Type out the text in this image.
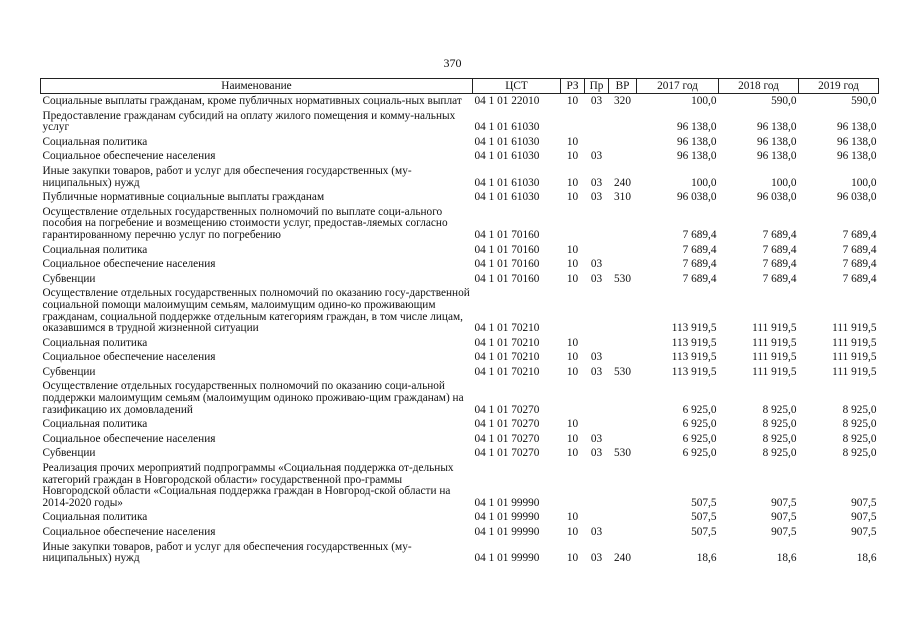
370
Наименование	ЦСТ	РЗ	Пр	ВР	2017 год	2018 год	2019 год
Социальные выплаты гражданам, кроме публичных нормативных социаль-ных выплат	04 1 01 22010	10	03	320	100,0	590,0	590,0
Предоставление гражданам субсидий на оплату жилого помещения и комму-нальных услуг	04 1 01 61030				96 138,0	96 138,0	96 138,0
Социальная политика	04 1 01 61030	10			96 138,0	96 138,0	96 138,0
Социальное обеспечение населения	04 1 01 61030	10	03		96 138,0	96 138,0	96 138,0
Иные закупки товаров, работ и услуг для обеспечения государственных (му-ниципальных) нужд	04 1 01 61030	10	03	240	100,0	100,0	100,0
Публичные нормативные социальные выплаты гражданам	04 1 01 61030	10	03	310	96 038,0	96 038,0	96 038,0
Осуществление отдельных государственных полномочий по выплате соци-ального пособия на погребение и возмещению стоимости услуг, предостав-ляемых согласно гарантированному перечню услуг по погребению	04 1 01 70160				7 689,4	7 689,4	7 689,4
Социальная политика	04 1 01 70160	10			7 689,4	7 689,4	7 689,4
Социальное обеспечение населения	04 1 01 70160	10	03		7 689,4	7 689,4	7 689,4
Субвенции	04 1 01 70160	10	03	530	7 689,4	7 689,4	7 689,4
Осуществление отдельных государственных полномочий по оказанию госу-дарственной социальной помощи малоимущим семьям, малоимущим одино-ко проживающим гражданам, социальной поддержке отдельным категориям граждан, в том числе лицам, оказавшимся в трудной жизненной ситуации	04 1 01 70210				113 919,5	111 919,5	111 919,5
Социальная политика	04 1 01 70210	10			113 919,5	111 919,5	111 919,5
Социальное обеспечение населения	04 1 01 70210	10	03		113 919,5	111 919,5	111 919,5
Субвенции	04 1 01 70210	10	03	530	113 919,5	111 919,5	111 919,5
Осуществление отдельных государственных полномочий по оказанию соци-альной поддержки малоимущим семьям (малоимущим одиноко проживаю-щим гражданам) на газификацию их домовладений	04 1 01 70270				6 925,0	8 925,0	8 925,0
Социальная политика	04 1 01 70270	10			6 925,0	8 925,0	8 925,0
Социальное обеспечение населения	04 1 01 70270	10	03		6 925,0	8 925,0	8 925,0
Субвенции	04 1 01 70270	10	03	530	6 925,0	8 925,0	8 925,0
Реализация прочих мероприятий подпрограммы «Социальная поддержка от-дельных категорий граждан в Новгородской области» государственной про-граммы Новгородской области «Социальная поддержка граждан в Новгород-ской области на 2014-2020 годы»	04 1 01 99990				507,5	907,5	907,5
Социальная политика	04 1 01 99990	10			507,5	907,5	907,5
Социальное обеспечение населения	04 1 01 99990	10	03		507,5	907,5	907,5
Иные закупки товаров, работ и услуг для обеспечения государственных (му-ниципальных) нужд	04 1 01 99990	10	03	240	18,6	18,6	18,6
